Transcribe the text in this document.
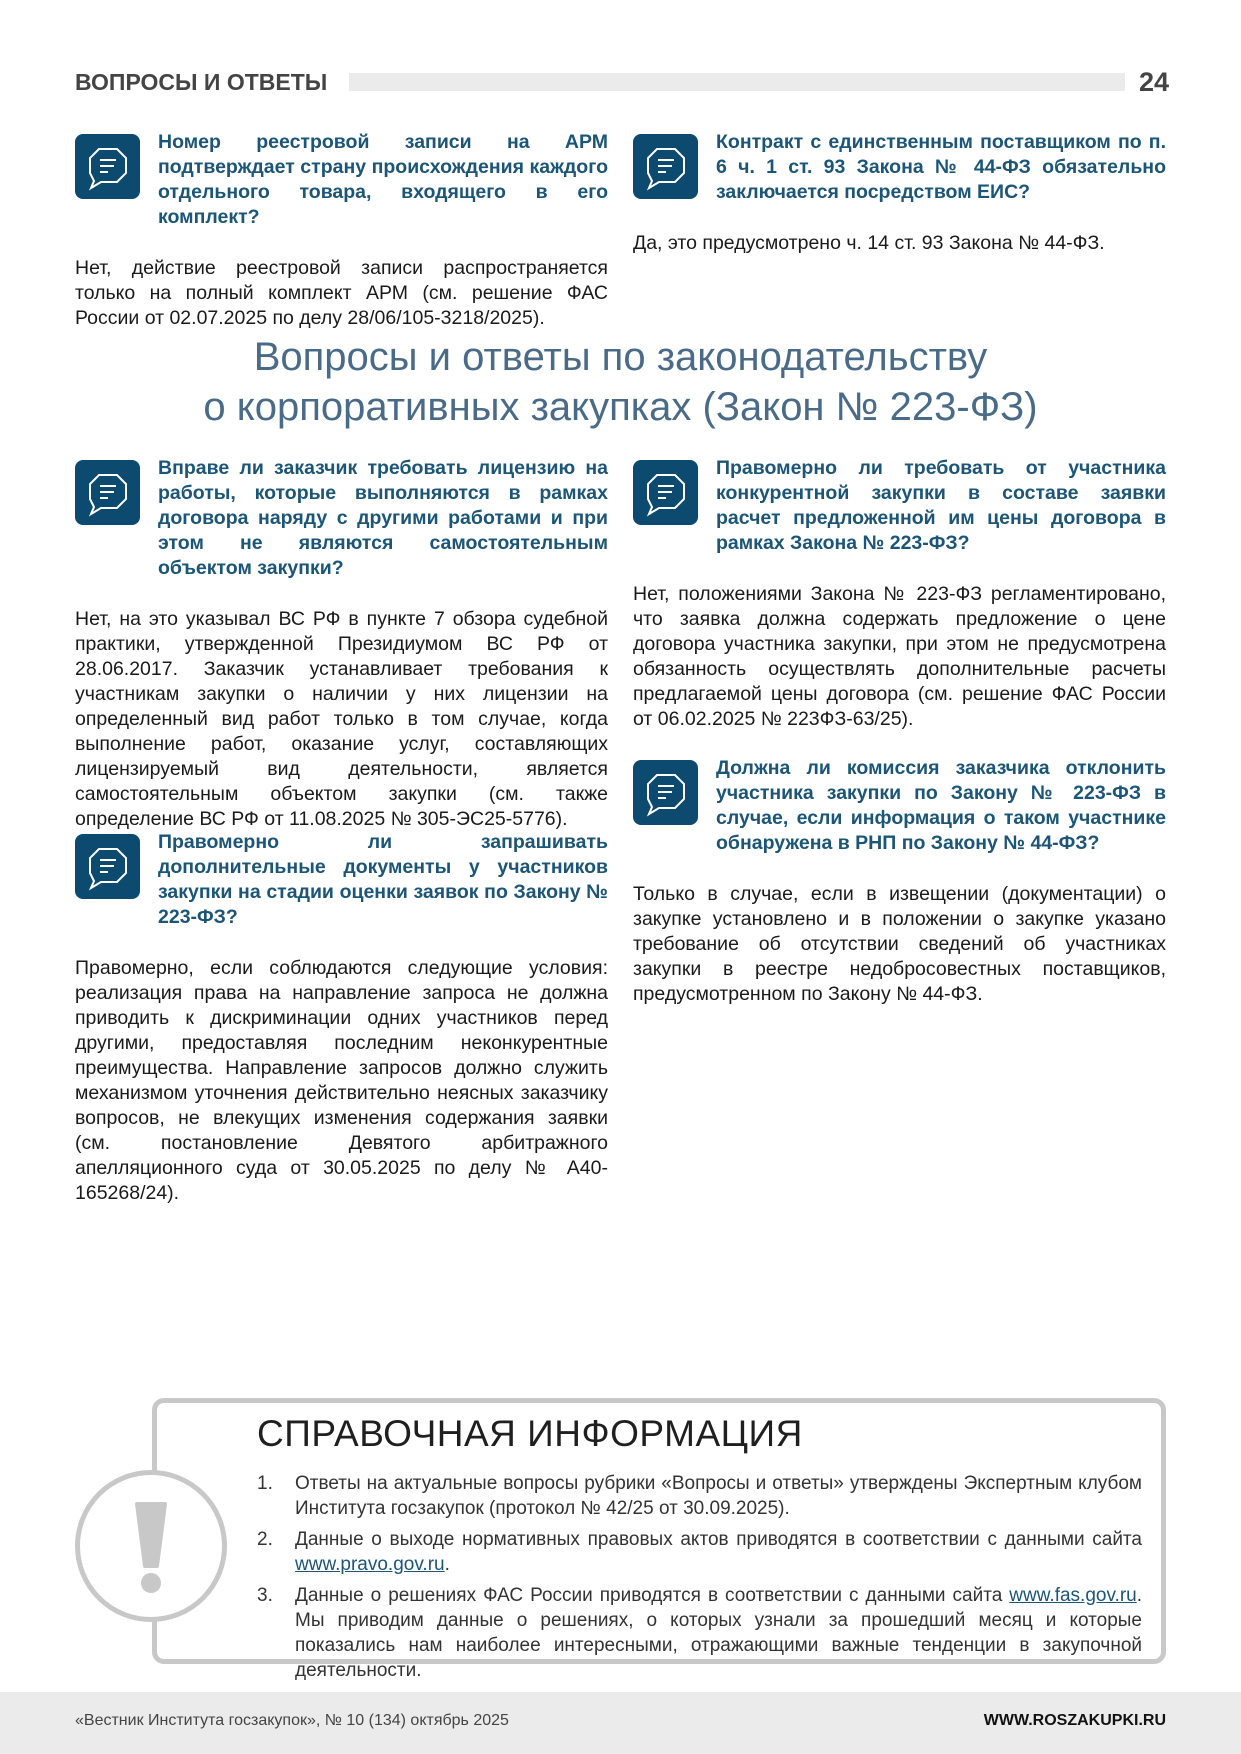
ВОПРОСЫ И ОТВЕТЫ	24
Номер реестровой записи на АРМ подтверждает страну происхождения каждого отдельного товара, входящего в его комплект?
Нет, действие реестровой записи распространяется только на полный комплект АРМ (см. решение ФАС России от 02.07.2025 по делу 28/06/105-3218/2025).
Контракт с единственным поставщиком по п. 6 ч. 1 ст. 93 Закона № 44-ФЗ обязательно заключается посредством ЕИС?
Да, это предусмотрено ч. 14 ст. 93 Закона № 44-ФЗ.
Вопросы и ответы по законодательству
о корпоративных закупках (Закон № 223-ФЗ)
Вправе ли заказчик требовать лицензию на работы, которые выполняются в рамках договора наряду с другими работами и при этом не являются самостоятельным объектом закупки?
Нет, на это указывал ВС РФ в пункте 7 обзора судебной практики, утвержденной Президиумом ВС РФ от 28.06.2017. Заказчик устанавливает требования к участникам закупки о наличии у них лицензии на определенный вид работ только в том случае, когда выполнение работ, оказание услуг, составляющих лицензируемый вид деятельности, является самостоятельным объектом закупки (см. также определение ВС РФ от 11.08.2025 № 305-ЭС25-5776).
Правомерно ли запрашивать дополнительные документы у участников закупки на стадии оценки заявок по Закону № 223-ФЗ?
Правомерно, если соблюдаются следующие условия: реализация права на направление запроса не должна приводить к дискриминации одних участников перед другими, предоставляя последним неконкурентные преимущества. Направление запросов должно служить механизмом уточнения действительно неясных заказчику вопросов, не влекущих изменения содержания заявки (см. постановление Девятого арбитражного апелляционного суда от 30.05.2025 по делу № А40-165268/24).
Правомерно ли требовать от участника конкурентной закупки в составе заявки расчет предложенной им цены договора в рамках Закона № 223-ФЗ?
Нет, положениями Закона № 223-ФЗ регламентировано, что заявка должна содержать предложение о цене договора участника закупки, при этом не предусмотрена обязанность осуществлять дополнительные расчеты предлагаемой цены договора (см. решение ФАС России от 06.02.2025 № 223ФЗ-63/25).
Должна ли комиссия заказчика отклонить участника закупки по Закону № 223-ФЗ в случае, если информация о таком участнике обнаружена в РНП по Закону № 44-ФЗ?
Только в случае, если в извещении (документации) о закупке установлено и в положении о закупке указано требование об отсутствии сведений об участниках закупки в реестре недобросовестных поставщиков, предусмотренном по Закону № 44-ФЗ.
СПРАВОЧНАЯ ИНФОРМАЦИЯ
1.	Ответы на актуальные вопросы рубрики «Вопросы и ответы» утверждены Экспертным клубом Института госзакупок (протокол № 42/25 от 30.09.2025).
2.	Данные о выходе нормативных правовых актов приводятся в соответствии с данными сайта www.pravo.gov.ru.
3.	Данные о решениях ФАС России приводятся в соответствии с данными сайта www.fas.gov.ru. Мы приводим данные о решениях, о которых узнали за прошедший месяц и которые показались нам наиболее интересными, отражающими важные тенденции в закупочной деятельности.
«Вестник Института госзакупок», № 10 (134) октябрь 2025	WWW.ROSZAKUPKI.RU
